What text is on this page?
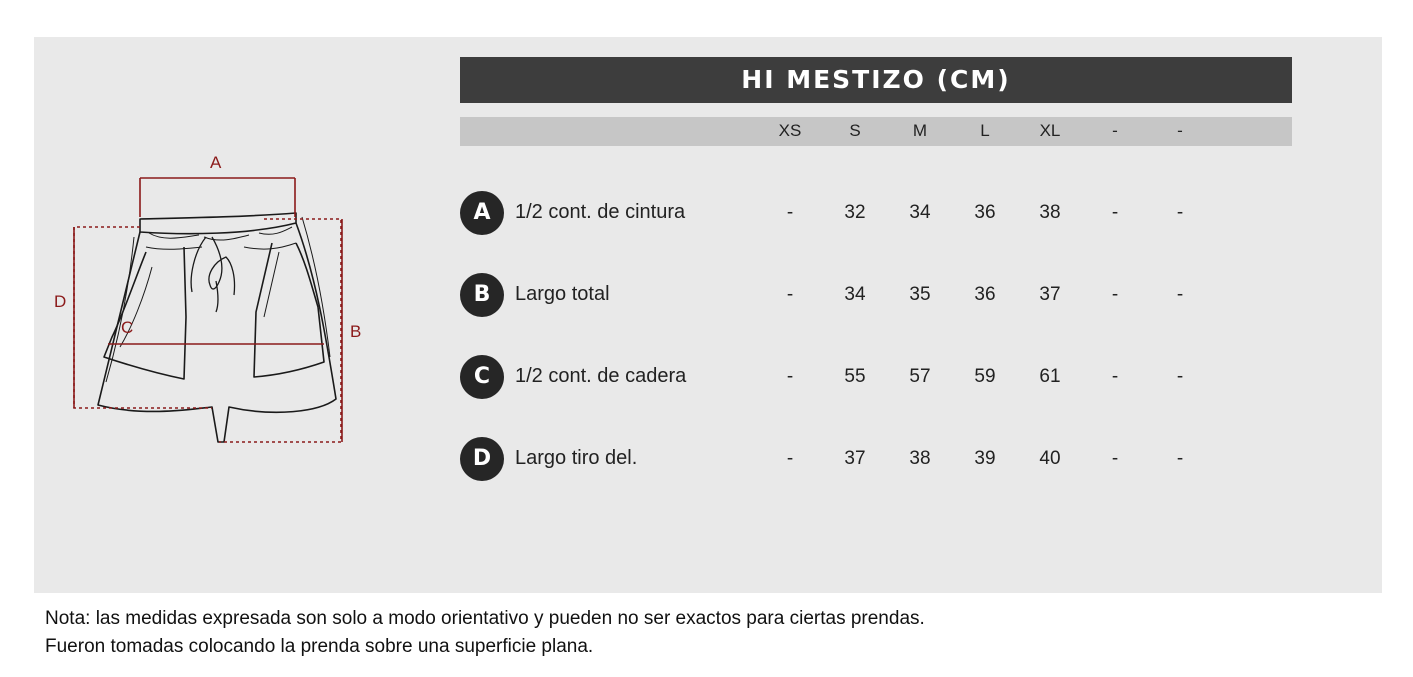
A
B
C
D
HI MESTIZO (CM)
XS	S	M	L	XL	-	-
A	1/2 cont. de cintura	-	32	34	36	38	-	-
B	Largo total	-	34	35	36	37	-	-
C	1/2 cont. de cadera	-	55	57	59	61	-	-
D	Largo tiro del.	-	37	38	39	40	-	-
Nota: las medidas expresada son solo a modo orientativo y pueden no ser exactos para ciertas prendas.
Fueron tomadas colocando la prenda sobre una superficie plana.
